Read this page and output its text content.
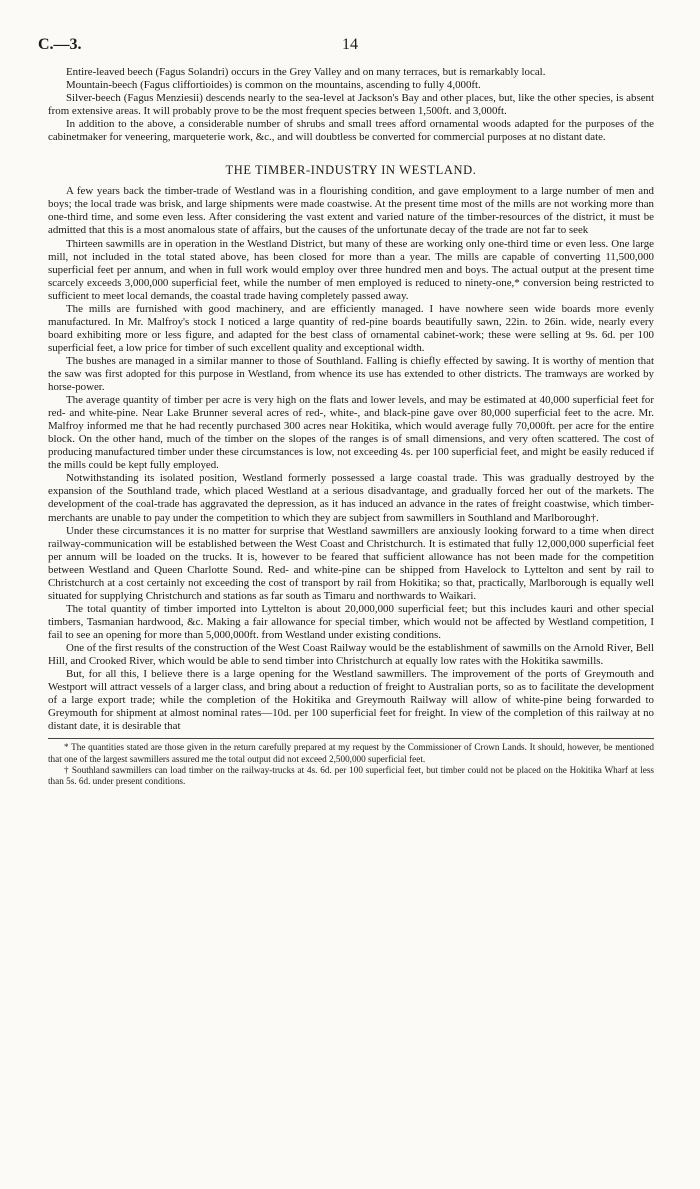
14
C.—3.

Entire-leaved beech (Fagus Solandri) occurs in the Grey Valley and on many terraces, but is remarkably local.

Mountain-beech (Fagus cliffortioides) is common on the mountains, ascending to fully 4,000ft.

Silver-beech (Fagus Menziesii) descends nearly to the sea-level at Jackson's Bay and other places, but, like the other species, is absent from extensive areas. It will probably prove to be the most frequent species between 1,500ft. and 3,000ft.

In addition to the above, a considerable number of shrubs and small trees afford ornamental woods adapted for the purposes of the cabinetmaker for veneering, marqueterie work, &c., and will doubtless be converted for commercial purposes at no distant date.

THE TIMBER-INDUSTRY IN WESTLAND.

A few years back the timber-trade of Westland was in a flourishing condition, and gave employment to a large number of men and boys; the local trade was brisk, and large shipments were made coastwise. At the present time most of the mills are not working more than one-third time, and some even less. After considering the vast extent and varied nature of the timber-resources of the district, it must be admitted that this is a most anomalous state of affairs, but the causes of the unfortunate decay of the trade are not far to seek

Thirteen sawmills are in operation in the Westland District, but many of these are working only one-third time or even less. One large mill, not included in the total stated above, has been closed for more than a year. The mills are capable of converting 11,500,000 superficial feet per annum, and when in full work would employ over three hundred men and boys. The actual output at the present time scarcely exceeds 3,000,000 superficial feet, while the number of men employed is reduced to ninety-one,* conversion being restricted to sufficient to meet local demands, the coastal trade having completely passed away.

The mills are furnished with good machinery, and are efficiently managed. I have nowhere seen wide boards more evenly manufactured. In Mr. Malfroy's stock I noticed a large quantity of red-pine boards beautifully sawn, 22in. to 26in. wide, nearly every board exhibiting more or less figure, and adapted for the best class of ornamental cabinet-work; these were selling at 9s. 6d. per 100 superficial feet, a low price for timber of such excellent quality and exceptional width.

The bushes are managed in a similar manner to those of Southland. Falling is chiefly effected by sawing. It is worthy of mention that the saw was first adopted for this purpose in Westland, from whence its use has extended to other districts. The tramways are worked by horse-power.

The average quantity of timber per acre is very high on the flats and lower levels, and may be estimated at 40,000 superficial feet for red- and white-pine. Near Lake Brunner several acres of red-, white-, and black-pine gave over 80,000 superficial feet to the acre. Mr. Malfroy informed me that he had recently purchased 300 acres near Hokitika, which would average fully 70,000ft. per acre for the entire block. On the other hand, much of the timber on the slopes of the ranges is of small dimensions, and very often scattered. The cost of producing manufactured timber under these circumstances is low, not exceeding 4s. per 100 superficial feet, and might be easily reduced if the mills could be kept fully employed.

Notwithstanding its isolated position, Westland formerly possessed a large coastal trade. This was gradually destroyed by the expansion of the Southland trade, which placed Westland at a serious disadvantage, and gradually forced her out of the markets. The development of the coal-trade has aggravated the depression, as it has induced an advance in the rates of freight coastwise, which timber-merchants are unable to pay under the competition to which they are subject from sawmillers in Southland and Marlborough†.

Under these circumstances it is no matter for surprise that Westland sawmillers are anxiously looking forward to a time when direct railway-communication will be established between the West Coast and Christchurch. It is estimated that fully 12,000,000 superficial feet per annum will be loaded on the trucks. It is, however to be feared that sufficient allowance has not been made for the competition between Westland and Queen Charlotte Sound. Red- and white-pine can be shipped from Havelock to Lyttelton and sent by rail to Christchurch at a cost certainly not exceeding the cost of transport by rail from Hokitika; so that, practically, Marlborough is equally well situated for supplying Christchurch and stations as far south as Timaru and northwards to Waikari.

The total quantity of timber imported into Lyttelton is about 20,000,000 superficial feet; but this includes kauri and other special timbers, Tasmanian hardwood, &c. Making a fair allowance for special timber, which would not be affected by Westland competition, I fail to see an opening for more than 5,000,000ft. from Westland under existing conditions.

One of the first results of the construction of the West Coast Railway would be the establishment of sawmills on the Arnold River, Bell Hill, and Crooked River, which would be able to send timber into Christchurch at equally low rates with the Hokitika sawmills.

But, for all this, I believe there is a large opening for the Westland sawmillers. The improvement of the ports of Greymouth and Westport will attract vessels of a larger class, and bring about a reduction of freight to Australian ports, so as to facilitate the development of a large export trade; while the completion of the Hokitika and Greymouth Railway will allow of white-pine being forwarded to Greymouth for shipment at almost nominal rates—10d. per 100 superficial feet for freight. In view of the completion of this railway at no distant date, it is desirable that

* The quantities stated are those given in the return carefully prepared at my request by the Commissioner of Crown Lands. It should, however, be mentioned that one of the largest sawmillers assured me the total output did not exceed 2,500,000 superficial feet.

† Southland sawmillers can load timber on the railway-trucks at 4s. 6d. per 100 superficial feet, but timber could not be placed on the Hokitika Wharf at less than 5s. 6d. under present conditions.
